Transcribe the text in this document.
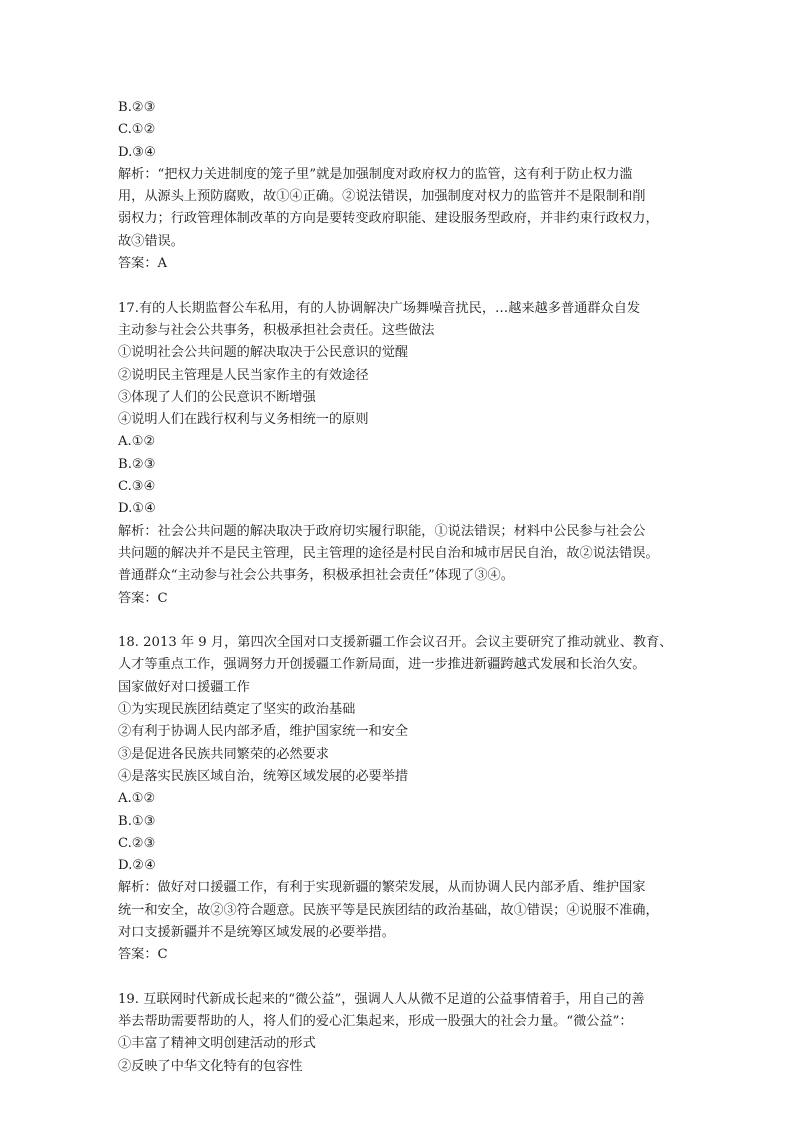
B.②③
C.①②
D.③④
解析：“把权力关进制度的笼子里”就是加强制度对政府权力的监管，这有利于防止权力滥
用，从源头上预防腐败，故①④正确。②说法错误，加强制度对权力的监管并不是限制和削
弱权力；行政管理体制改革的方向是要转变政府职能、建设服务型政府，并非约束行政权力，
故③错误。
答案：A
17.有的人长期监督公车私用，有的人协调解决广场舞噪音扰民，…越来越多普通群众自发
主动参与社会公共事务，积极承担社会责任。这些做法
①说明社会公共问题的解决取决于公民意识的觉醒
②说明民主管理是人民当家作主的有效途径
③体现了人们的公民意识不断增强
④说明人们在践行权利与义务相统一的原则
A.①②
B.②③
C.③④
D.①④
解析：社会公共问题的解决取决于政府切实履行职能，①说法错误；材料中公民参与社会公
共问题的解决并不是民主管理，民主管理的途径是村民自治和城市居民自治，故②说法错误。
普通群众“主动参与社会公共事务，积极承担社会责任”体现了③④。
答案：C
18. 2013 年 9 月，第四次全国对口支援新疆工作会议召开。会议主要研究了推动就业、教育、
人才等重点工作，强调努力开创援疆工作新局面，进一步推进新疆跨越式发展和长治久安。
国家做好对口援疆工作
①为实现民族团结奠定了坚实的政治基础
②有利于协调人民内部矛盾，维护国家统一和安全
③是促进各民族共同繁荣的必然要求
④是落实民族区域自治，统筹区域发展的必要举措
A.①②
B.①③
C.②③
D.②④
解析：做好对口援疆工作，有利于实现新疆的繁荣发展，从而协调人民内部矛盾、维护国家
统一和安全，故②③符合题意。民族平等是民族团结的政治基础，故①错误；④说服不准确，
对口支援新疆并不是统筹区域发展的必要举措。
答案：C
19. 互联网时代新成长起来的“微公益”，强调人人从微不足道的公益事情着手，用自己的善
举去帮助需要帮助的人，将人们的爱心汇集起来，形成一股强大的社会力量。“微公益”：
①丰富了精神文明创建活动的形式
②反映了中华文化特有的包容性
